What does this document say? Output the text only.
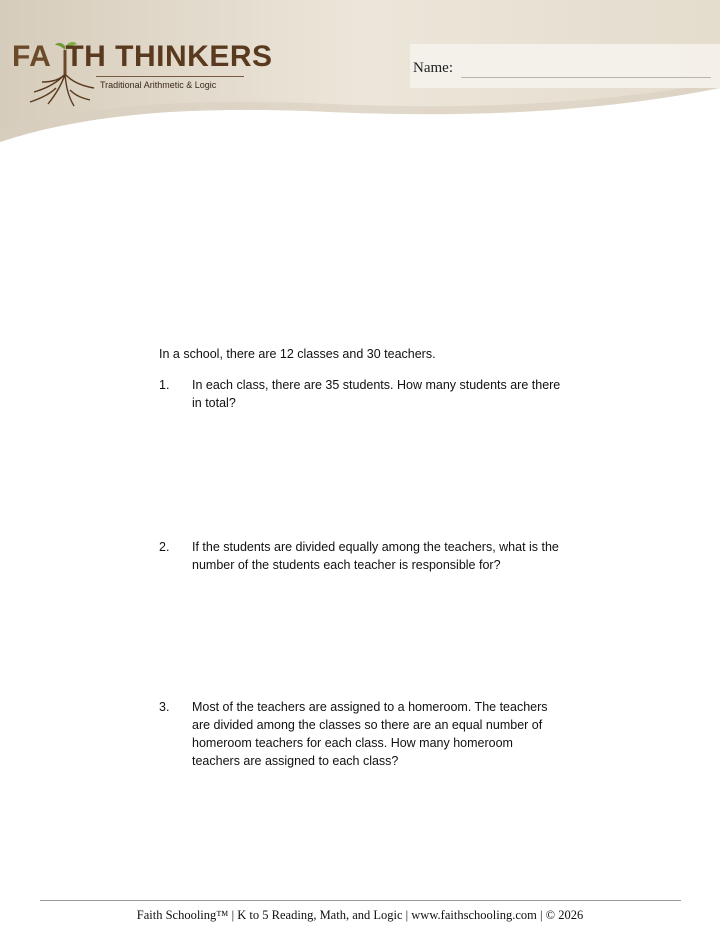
FA TH THINKERS
Traditional Arithmetic & Logic
Name:
In a school, there are 12 classes and 30 teachers.
1. In each class, there are 35 students. How many students are there in total?
2. If the students are divided equally among the teachers, what is the number of the students each teacher is responsible for?
3. Most of the teachers are assigned to a homeroom. The teachers are divided among the classes so there are an equal number of homeroom teachers for each class. How many homeroom teachers are assigned to each class?
Faith Schooling™ | K to 5 Reading, Math, and Logic | www.faithschooling.com | © 2026
